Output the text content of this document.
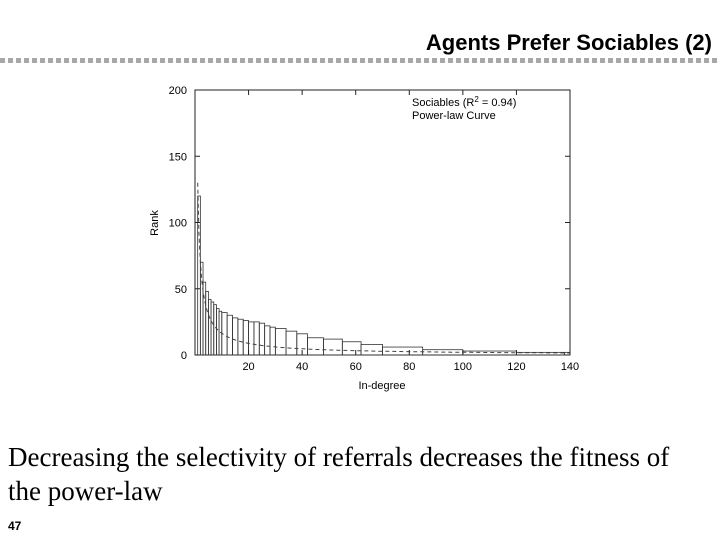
Agents Prefer Sociables (2)
20	40	60	80	100	120	140
0
50
100
150
200
In-degree
Rank
Sociables $(R^2 = 0.94)$
Power-law Curve

Decreasing the selectivity of referrals decreases the fitness of the power-law

47
